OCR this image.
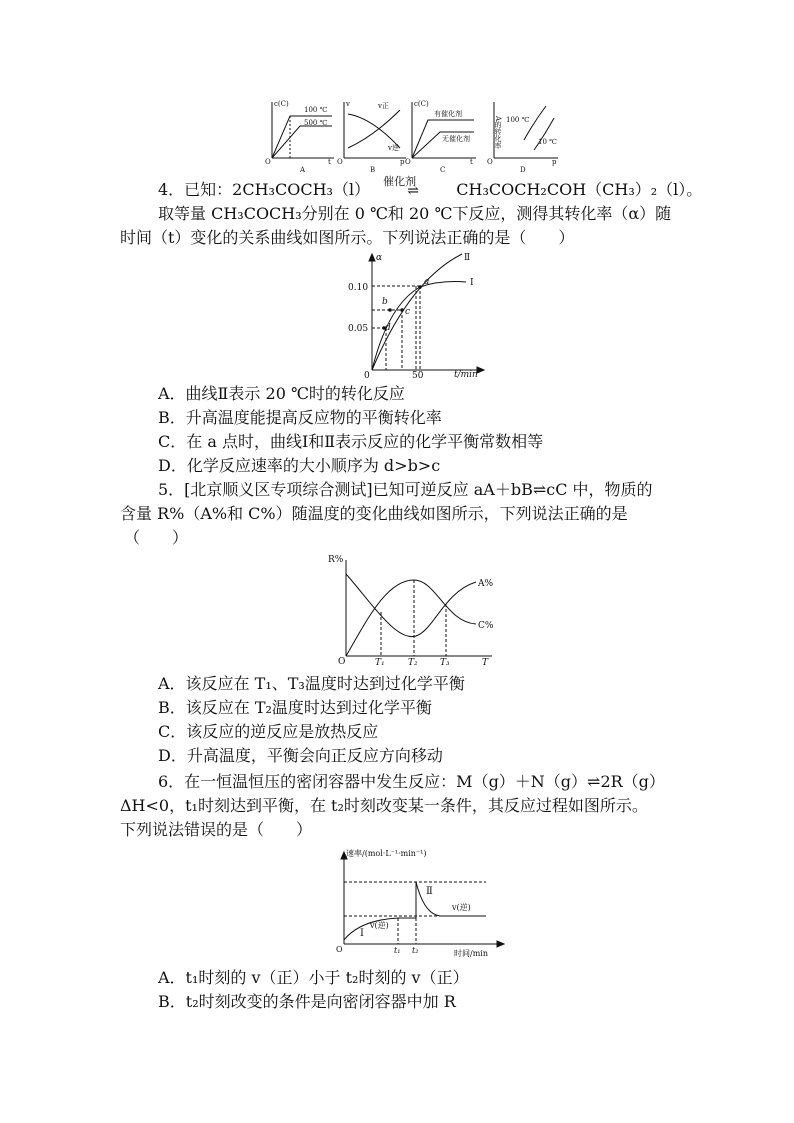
c(C)
100 ℃
500 ℃
O	t
A
v	v正
v逆
O	p
B
c(C)
有催化剂
无催化剂
O	t
C
A的转化率 100 ℃
10 ℃
O	p
D
4．已知：2CH₃COCH₃（l） 催化剂
⇌ CH₃COCH₂COH（CH₃）₂（l）。
取等量 CH₃COCH₃分别在 0 ℃和 20 ℃下反应，测得其转化率（α）随
时间（t）变化的关系曲线如图所示。下列说法正确的是（　　）
α
0.10
0.05
0	50	t/min
Ⅱ
Ⅰ
a
b
c
d
A．曲线Ⅱ表示 20 ℃时的转化反应
B．升高温度能提高反应物的平衡转化率
C．在 a 点时，曲线Ⅰ和Ⅱ表示反应的化学平衡常数相等
D．化学反应速率的大小顺序为 d>b>c
5．[北京顺义区专项综合测试]已知可逆反应 aA＋bB⇌cC 中，物质的
含量 R%（A%和 C%）随温度的变化曲线如图所示，下列说法正确的是
（　　）
R%
O	T₁	T₂ T₃	T
A%
C%
A．该反应在 T₁、T₃温度时达到过化学平衡
B．该反应在 T₂温度时达到过化学平衡
C．该反应的逆反应是放热反应
D．升高温度，平衡会向正反应方向移动
6．在一恒温恒压的密闭容器中发生反应：M（g）＋N（g）⇌2R（g）
ΔH<0，t₁时刻达到平衡，在 t₂时刻改变某一条件，其反应过程如图所示。
下列说法错误的是（　　）
速率/(mol·L⁻¹·min⁻¹)
O	t₁ t₂	时间/min
Ⅰ
Ⅱ
v(逆)
v(逆)
A．t₁时刻的 v（正）小于 t₂时刻的 v（正）
B．t₂时刻改变的条件是向密闭容器中加 R
